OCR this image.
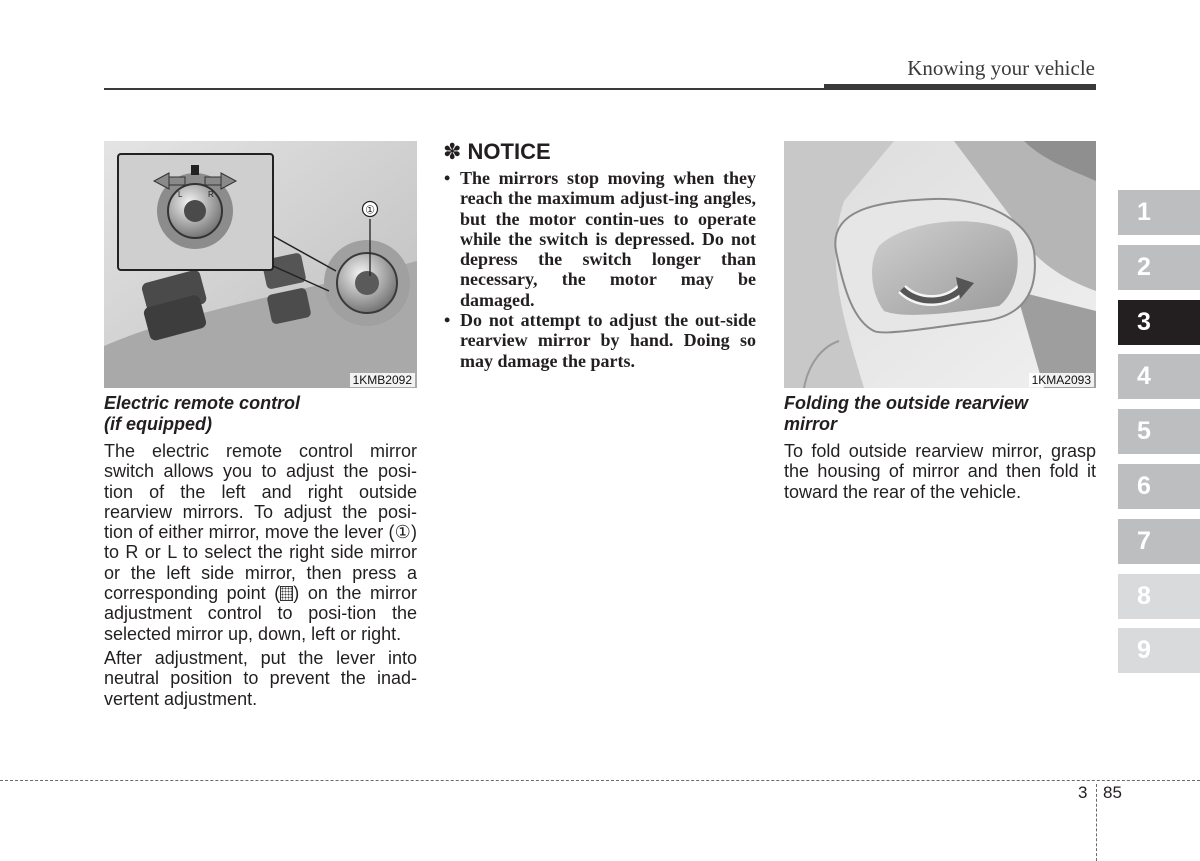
Knowing your vehicle
①
L	R
1KMB2092
Electric remote control
(if equipped)

The electric remote control mirror switch allows you to adjust the posi-tion of the left and right outside rearview mirrors. To adjust the posi-tion of either mirror, move the lever (①) to R or L to select the right side mirror or the left side mirror, then press a corresponding point ( ) on the mirror adjustment control to posi-tion the selected mirror up, down, left or right.

After adjustment, put the lever into neutral position to prevent the inad-vertent adjustment.

✽ NOTICE
• The mirrors stop moving when they reach the maximum adjust-ing angles, but the motor contin-ues to operate while the switch is depressed. Do not depress the switch longer than necessary, the motor may be damaged.
• Do not attempt to adjust the out-side rearview mirror by hand. Doing so may damage the parts.
1KMA2093
Folding the outside rearview
mirror

To fold outside rearview mirror, grasp the housing of mirror and then fold it toward the rear of the vehicle.

1
2
3
4
5
6
7
8
9
3 85
